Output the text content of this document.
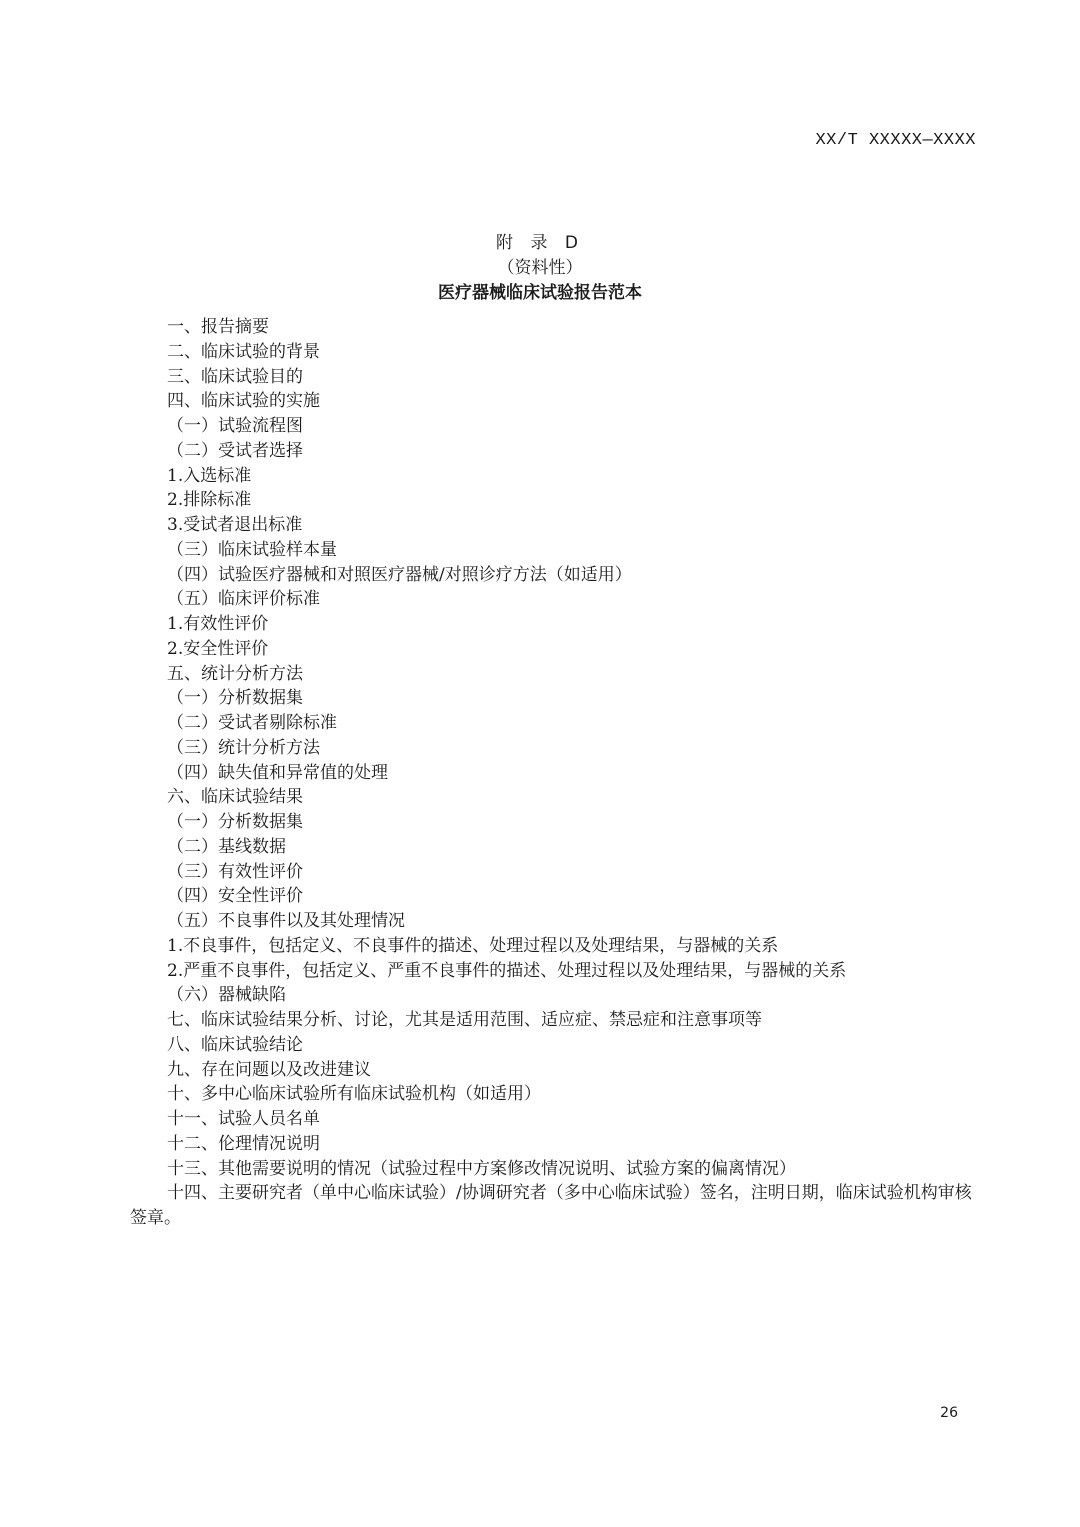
XX/T XXXXX—XXXX
附 录 D
（资料性）
医疗器械临床试验报告范本
一、报告摘要
二、临床试验的背景
三、临床试验目的
四、临床试验的实施
（一）试验流程图
（二）受试者选择
1.入选标准
2.排除标准
3.受试者退出标准
（三）临床试验样本量
（四）试验医疗器械和对照医疗器械/对照诊疗方法（如适用）
（五）临床评价标准
1.有效性评价
2.安全性评价
五、统计分析方法
（一）分析数据集
（二）受试者剔除标准
（三）统计分析方法
（四）缺失值和异常值的处理
六、临床试验结果
（一）分析数据集
（二）基线数据
（三）有效性评价
（四）安全性评价
（五）不良事件以及其处理情况
1.不良事件，包括定义、不良事件的描述、处理过程以及处理结果，与器械的关系
2.严重不良事件，包括定义、严重不良事件的描述、处理过程以及处理结果，与器械的关系
（六）器械缺陷
七、临床试验结果分析、讨论，尤其是适用范围、适应症、禁忌症和注意事项等
八、临床试验结论
九、存在问题以及改进建议
十、多中心临床试验所有临床试验机构（如适用）
十一、试验人员名单
十二、伦理情况说明
十三、其他需要说明的情况（试验过程中方案修改情况说明、试验方案的偏离情况）
十四、主要研究者（单中心临床试验）/协调研究者（多中心临床试验）签名，注明日期，临床试验机构审核签章。
26
